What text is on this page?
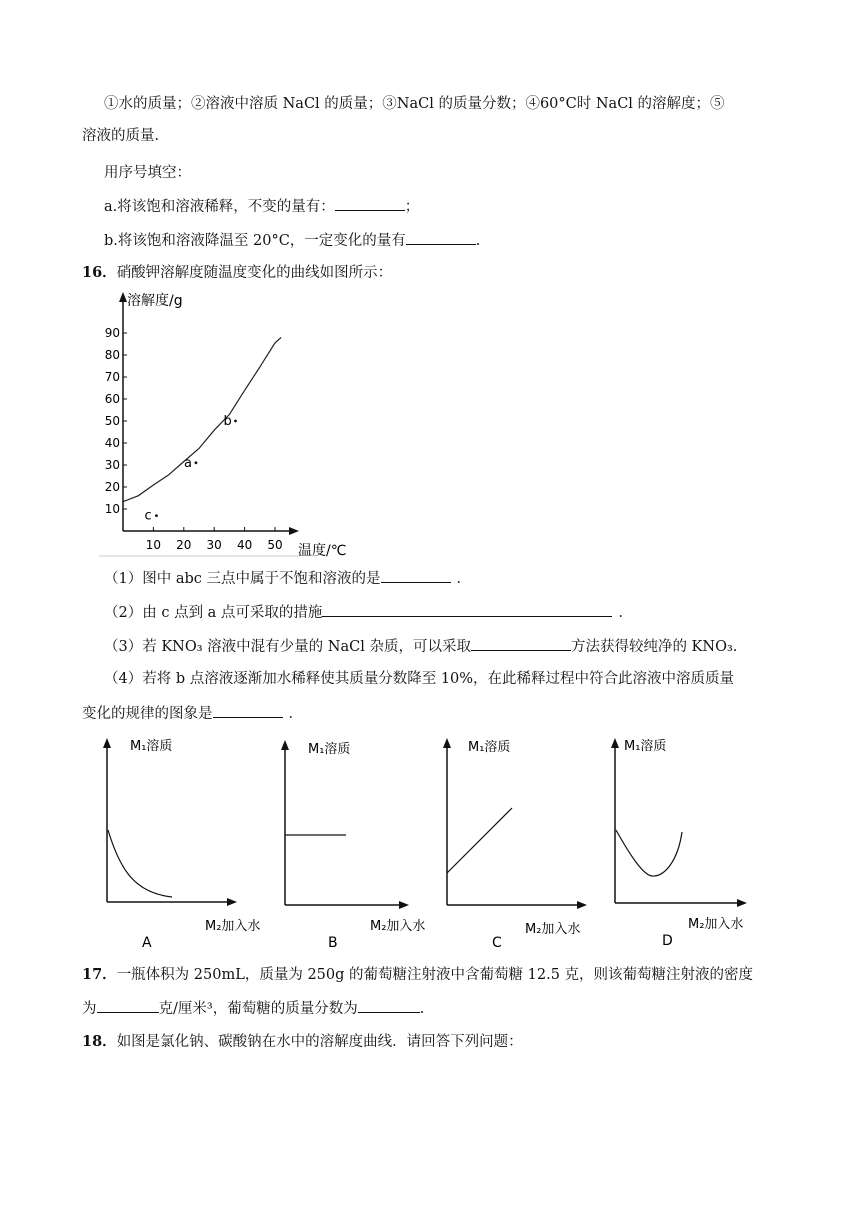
①水的质量；②溶液中溶质 NaCl 的质量；③NaCl 的质量分数；④60°C时 NaCl 的溶解度；⑤
溶液的质量.
用序号填空：
a.将该饱和溶液稀释，不变的量有：	；
b.将该饱和溶液降温至 20°C，一定变化的量有	.
16．硝酸钾溶解度随温度变化的曲线如图所示：
溶解度/g
温度/℃
10
20
30
40
50
60
70
80
90
10 20 30 40 50
a
b
c
（1）图中 abc 三点中属于不饱和溶液的是	．
（2）由 c 点到 a 点可采取的措施	．
（3）若 KNO₃ 溶液中混有少量的 NaCl 杂质，可以采取	方法获得较纯净的 KNO₃.
（4）若将 b 点溶液逐渐加水稀释使其质量分数降至 10%，在此稀释过程中符合此溶液中溶质质量
变化的规律的图象是	．
M₁溶质
M₂加入水
A
M₁溶质
M₂加入水
B
M₁溶质
M₂加入水
C
M₁溶质
M₂加入水
D
17．一瓶体积为 250mL，质量为 250g 的葡萄糖注射液中含葡萄糖 12.5 克，则该葡萄糖注射液的密度
为	克/厘米³，葡萄糖的质量分数为	.
18．如图是氯化钠、碳酸钠在水中的溶解度曲线．请回答下列问题：
